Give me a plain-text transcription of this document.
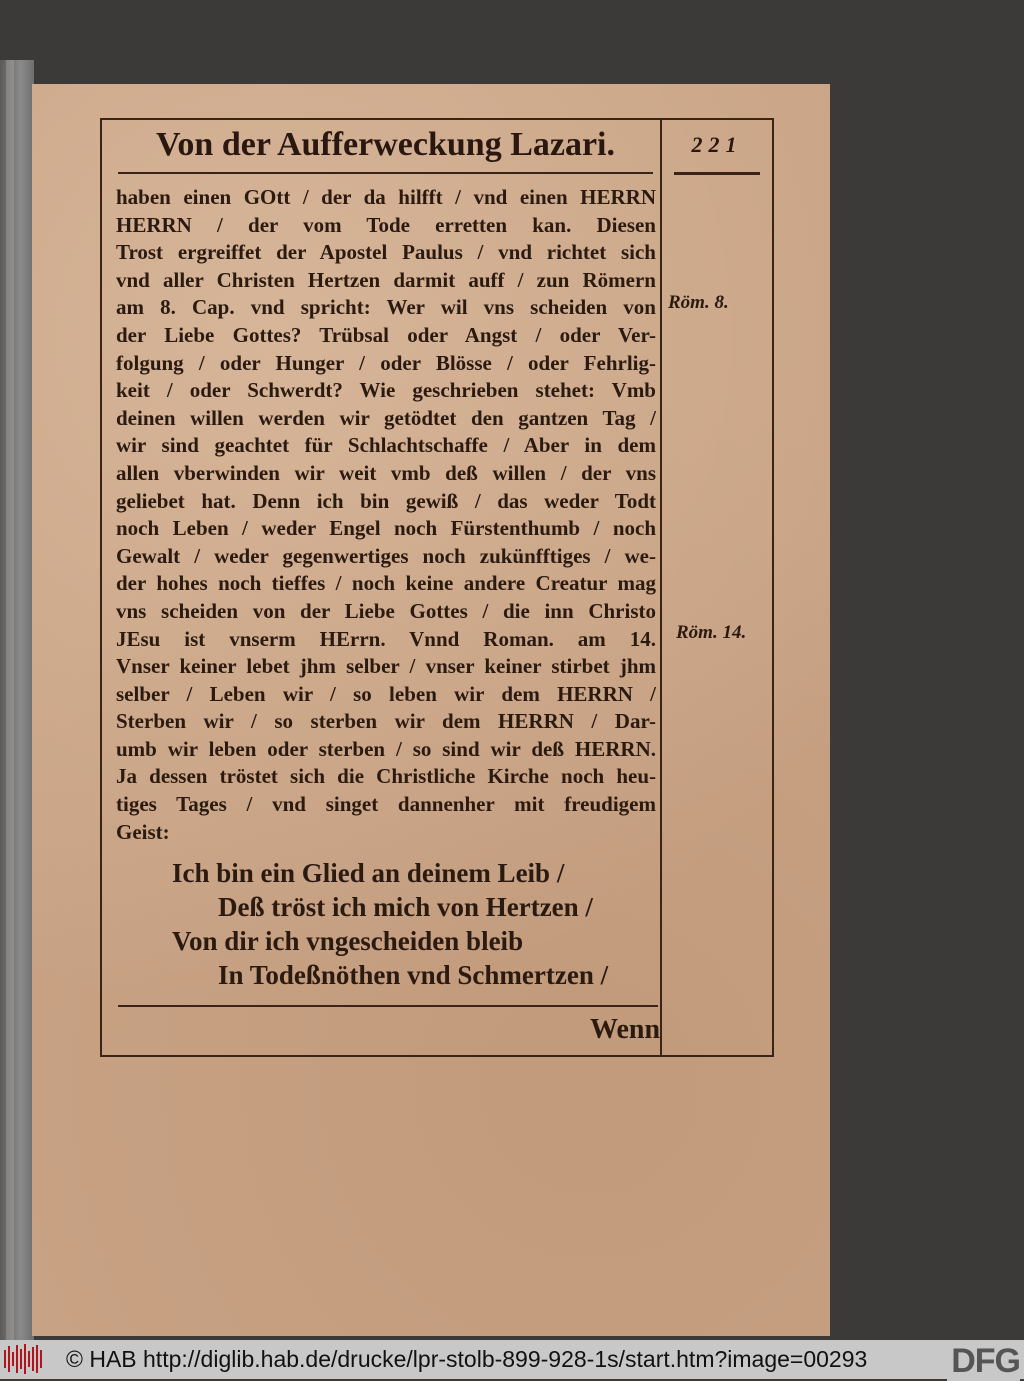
Von der Aufferweckung Lazari.	221
haben einen GOtt / der da hilfft / vnd einen HERRN
HERRN / der vom Tode erretten kan. Diesen
Trost ergreiffet der Apostel Paulus / vnd richtet sich
vnd aller Christen Hertzen darmit auff / zun Römern
am 8. Cap. vnd spricht: Wer wil vns scheiden von
der Liebe Gottes? Trübsal oder Angst / oder Ver-
folgung / oder Hunger / oder Blösse / oder Fehrlig-
keit / oder Schwerdt? Wie geschrieben stehet: Vmb
deinen willen werden wir getödtet den gantzen Tag /
wir sind geachtet für Schlachtschaffe / Aber in dem
allen vberwinden wir weit vmb deß willen / der vns
geliebet hat. Denn ich bin gewiß / das weder Todt
noch Leben / weder Engel noch Fürstenthumb / noch
Gewalt / weder gegenwertiges noch zukünfftiges / we-
der hohes noch tieffes / noch keine andere Creatur mag
vns scheiden von der Liebe Gottes / die inn Christo
JEsu ist vnserm HErrn. Vnnd Roman. am 14.
Vnser keiner lebet jhm selber / vnser keiner stirbet jhm
selber / Leben wir / so leben wir dem HERRN /
Sterben wir / so sterben wir dem HERRN / Dar-
umb wir leben oder sterben / so sind wir deß HERRN.
Ja dessen tröstet sich die Christliche Kirche noch heu-
tiges Tages / vnd singet dannenher mit freudigem
Geist:
Ich bin ein Glied an deinem Leib /
Deß tröst ich mich von Hertzen /
Von dir ich vngescheiden bleib
In Todeßnöthen vnd Schmertzen /
Röm. 8.
Röm. 14.
Wenn
© HAB http://diglib.hab.de/drucke/lpr-stolb-899-928-1s/start.htm?image=00293 DFG
